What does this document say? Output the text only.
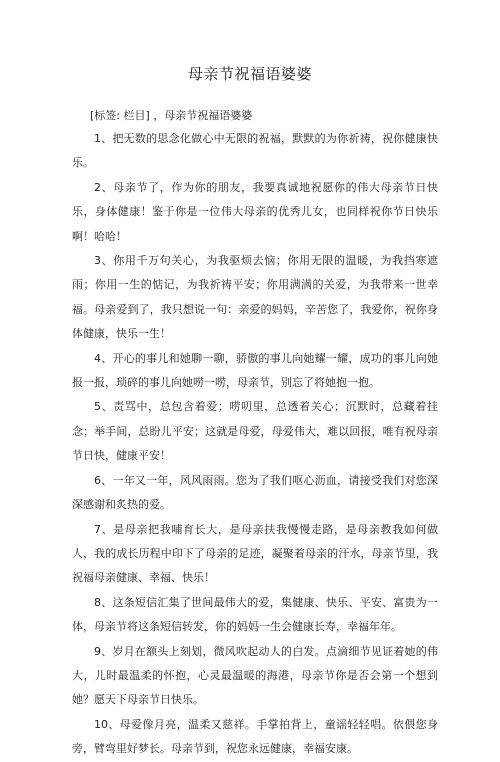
母亲节祝福语婆婆
[标签: 栏目] ，母亲节祝福语婆婆

1、把无数的思念化做心中无限的祝福，默默的为你祈祷，祝你健康快乐。

2、母亲节了，作为你的朋友，我要真诚地祝愿你的伟大母亲节日快乐，身体健康！鉴于你是一位伟大母亲的优秀儿女，也同样祝你节日快乐啊！哈哈！

3、你用千万句关心，为我驱烦去恼；你用无限的温暖，为我挡寒遮雨；你用一生的惦记，为我祈祷平安；你用满满的关爱，为我带来一世幸福。母亲爱到了，我只想说一句：亲爱的妈妈，辛苦您了，我爱你，祝你身体健康，快乐一生！

4、开心的事儿和她聊一聊，骄傲的事儿向她耀一耀，成功的事儿向她报一报，琐碎的事儿向她唠一唠，母亲节，别忘了将她抱一抱。

5、责骂中，总包含着爱；唠叨里，总透着关心；沉默时，总藏着挂念；举手间，总盼儿平安；这就是母爱，母爱伟大，难以回报，唯有祝母亲节日快，健康平安！

6、一年又一年，风风雨雨。您为了我们呕心沥血，请接受我们对您深深感谢和炙热的爱。

7、是母亲把我哺育长大，是母亲扶我慢慢走路，是母亲教我如何做人，我的成长历程中印下了母亲的足迹，凝聚着母亲的汗水，母亲节里，我祝福母亲健康、幸福、快乐！

8、这条短信汇集了世间最伟大的爱，集健康、快乐、平安、富贵为一体，母亲节将这条短信转发，你的妈妈一生会健康长寿，幸福年年。

9、岁月在额头上刻划，微风吹起动人的白发。点滴细节见证着她的伟大，儿时最温柔的怀抱，心灵最温暖的海港，母亲节你是否会第一个想到她？愿天下母亲节日快乐。

10、母爱像月亮，温柔又慈祥。手掌拍背上，童谣轻轻唱。依偎您身旁，臂弯里好梦长。母亲节到，祝您永远健康，幸福安康。
